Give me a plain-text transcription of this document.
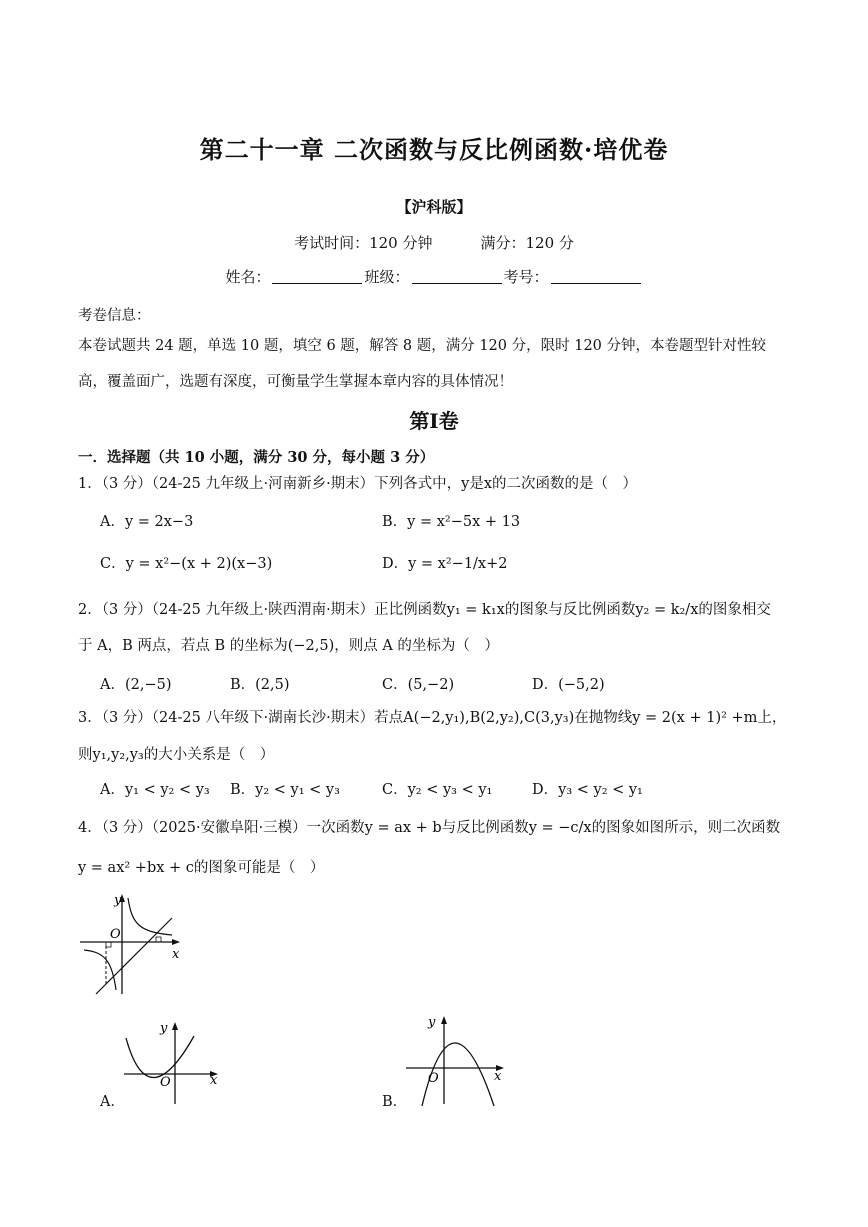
第二十一章 二次函数与反比例函数·培优卷
【沪科版】
考试时间：120 分钟	满分：120 分
姓名：	班级：	考号：
考卷信息：
本卷试题共 24 题，单选 10 题，填空 6 题，解答 8 题，满分 120 分，限时 120 分钟，本卷题型针对性较高，覆盖面广，选题有深度，可衡量学生掌握本章内容的具体情况！
第Ⅰ卷
一．选择题（共 10 小题，满分 30 分，每小题 3 分）
1．（3 分）（24-25 九年级上·河南新乡·期末）下列各式中，y是x的二次函数的是（　）
A．y = 2x−3	B．y = x²−5x + 13
C．y = x²−(x + 2)(x−3)	D．y = x²−1/x+2
2．（3 分）（24-25 九年级上·陕西渭南·期末）正比例函数y₁ = k₁x的图象与反比例函数y₂ = k₂/x的图象相交
于 A，B 两点，若点 B 的坐标为(−2,5)，则点 A 的坐标为（　）
A．(2,−5)	B．(2,5)	C．(5,−2)	D．(−5,2)
3．（3 分）（24-25 八年级下·湖南长沙·期末）若点A(−2,y₁),B(2,y₂),C(3,y₃)在抛物线y = 2(x + 1)² +m上，
则y₁,y₂,y₃的大小关系是（　）
A．y₁ < y₂ < y₃ B．y₂ < y₁ < y₃	C．y₂ < y₃ < y₁	D．y₃ < y₂ < y₁
4．（3 分）（2025·安徽阜阳·三模）一次函数y = ax + b与反比例函数y = −c/x的图象如图所示，则二次函数
y = ax² +bx + c的图象可能是（　）
y
O
x
y
O	x
A．
y
O	x
B．
